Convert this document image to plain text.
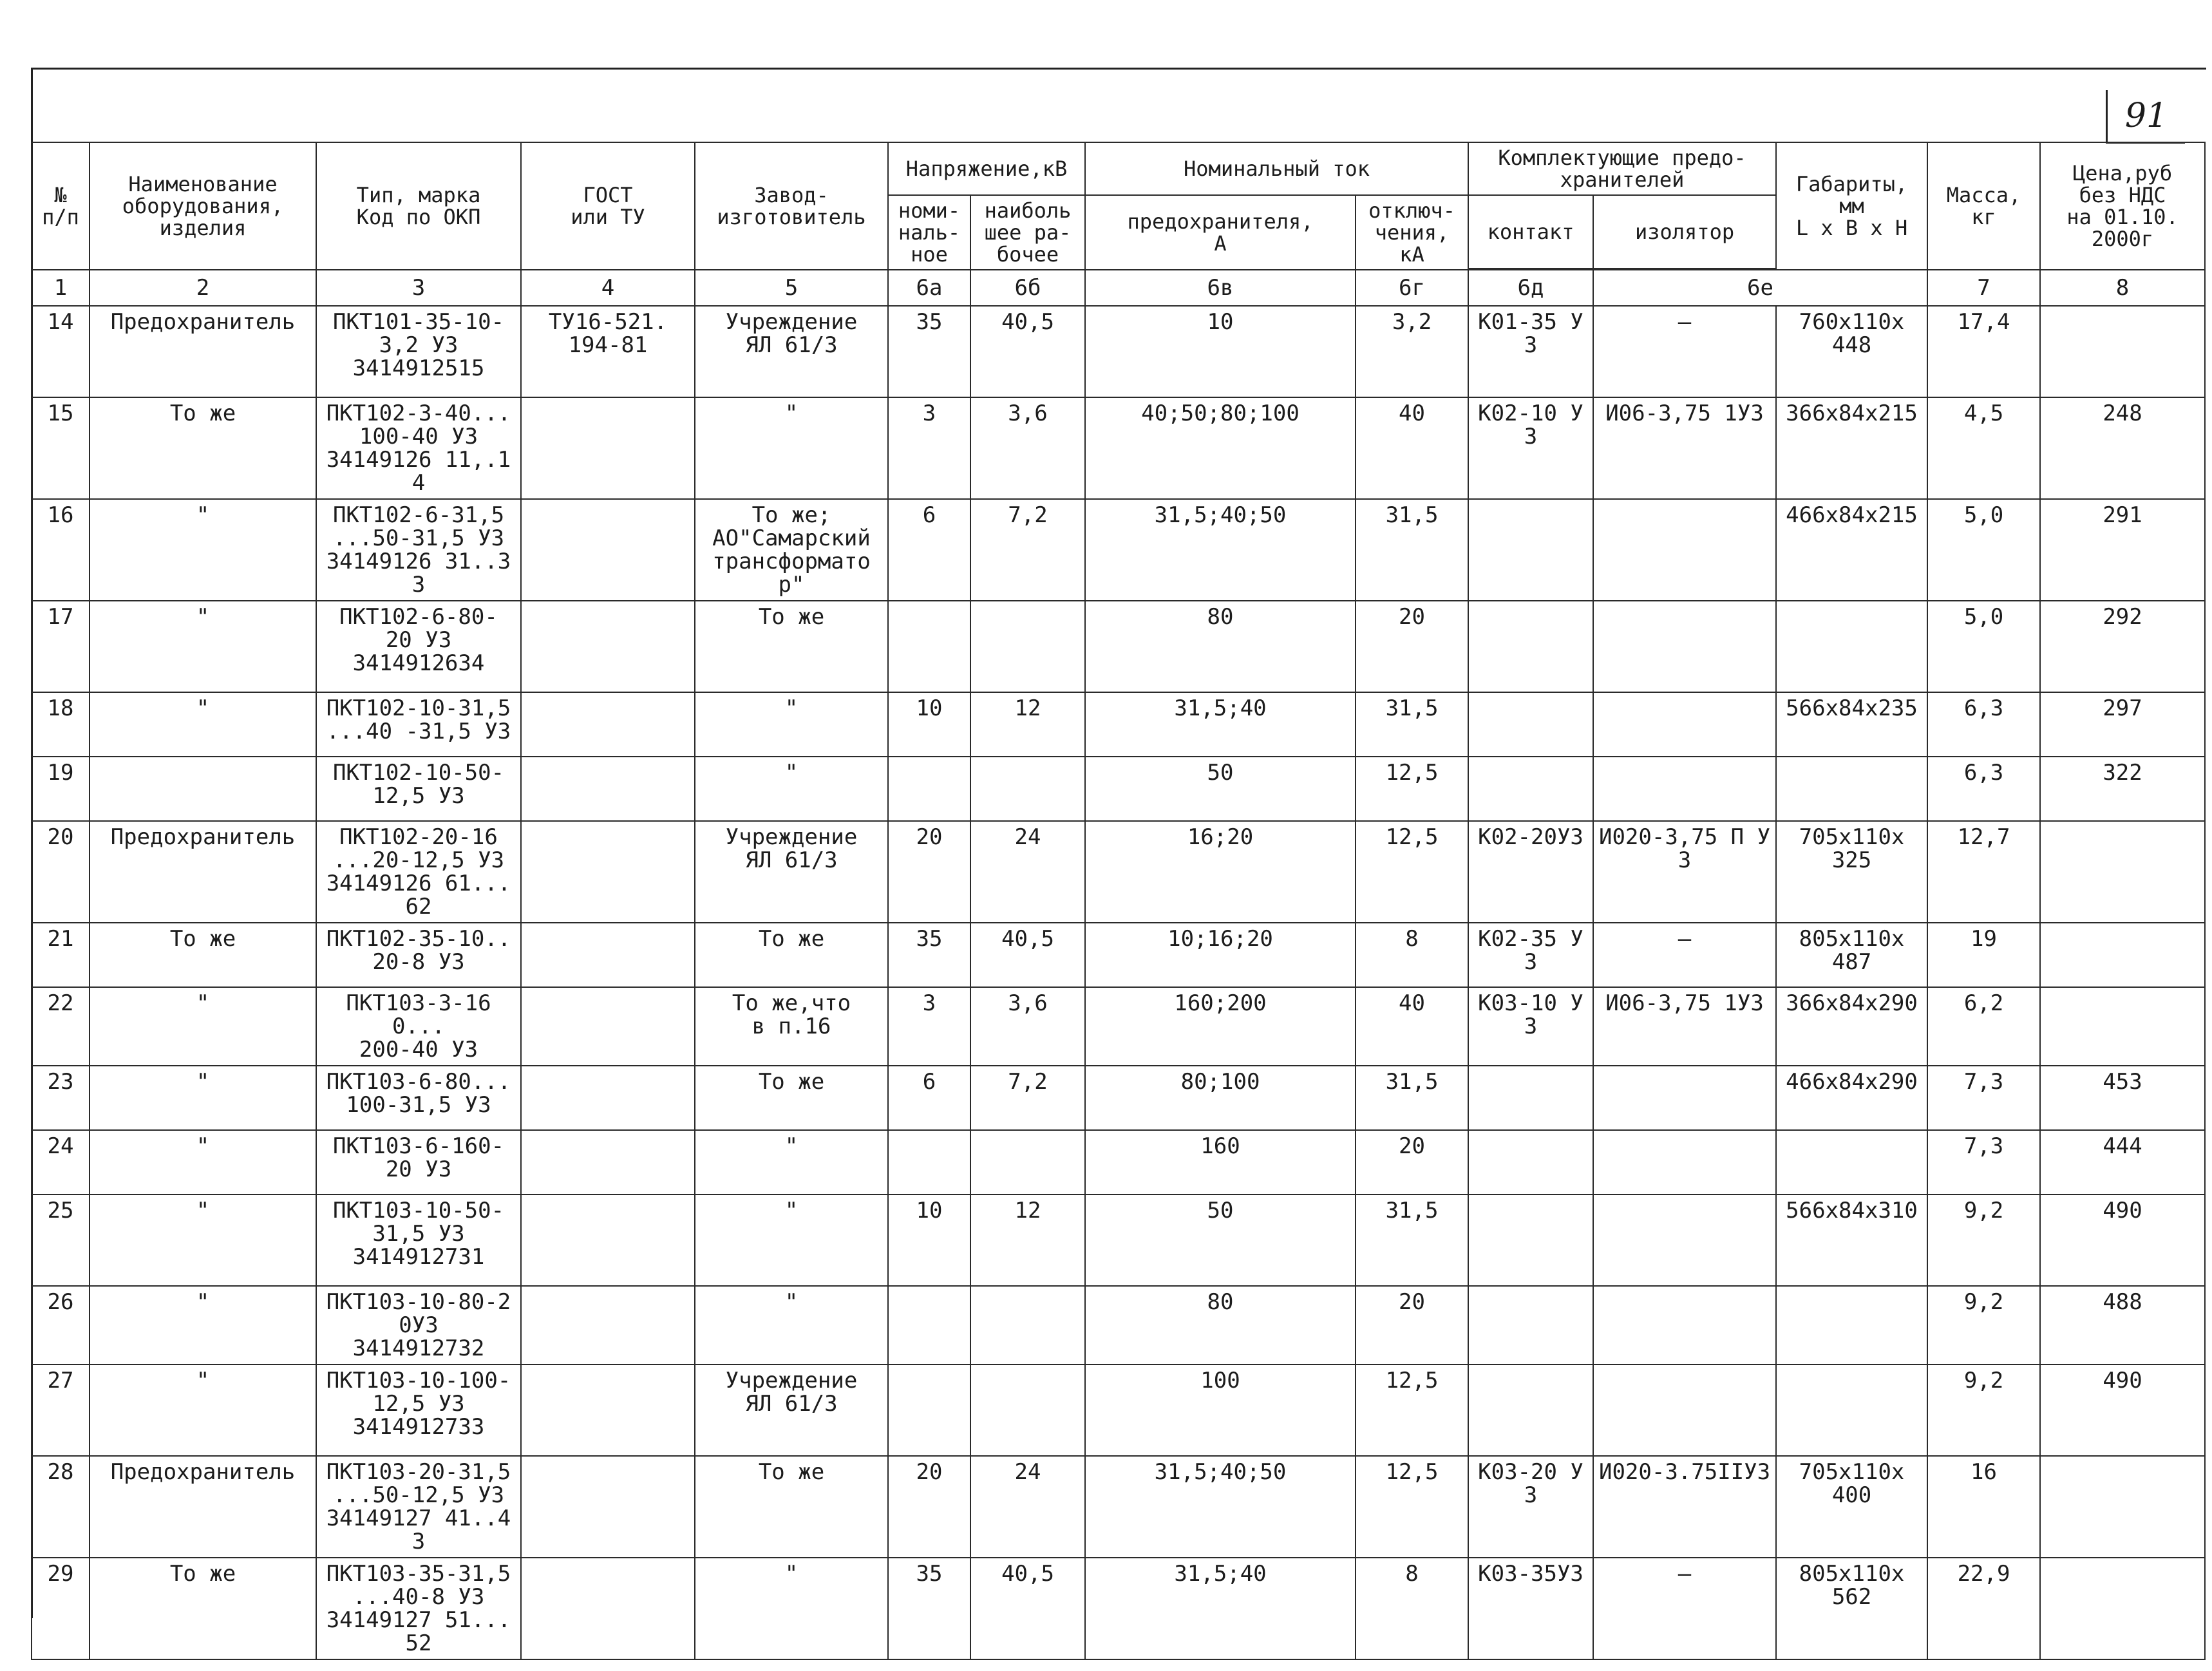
91
№
п/п	Наименование
оборудования,
изделия	Тип, марка
Код по ОКП	ГОСТ
или ТУ	Завод-
изготовитель	Напряжение,кВ		Номинальный ток		Комплектующие предо-
хранителей		Габариты,
мм
L х В х Н	Масса,
кг	Цена,руб
без НДС
на 01.10.
2000г
					номи-
наль-
ное	наиболь
шее ра-
бочее	предохранителя,
А	отключ-
чения,
кА	контакт	изолятор			

1	2	3	4	5	6а	6б	6в	6г	6д	6е		7	8
14	Предохранитель	ПКТ101-35-10-
3,2 У3
3414912515	ТУ16-521.
194-81	Учреждение
ЯЛ 61/3	35	40,5	10	3,2	К01-35 У3	–	760х110х
448	17,4	
15	То же	ПКТ102-3-40...
100-40 У3
34149126 11,.14		"	3	3,6	40;50;80;100	40	К02-10 У3	И06-3,75 1У3	366х84х215	4,5	248
16	"	ПКТ102-6-31,5
...50-31,5 У3
34149126 31..33		То же;
АО"Самарский
трансформатор"	6	7,2	31,5;40;50	31,5			466х84х215	5,0	291
17	"	ПКТ102-6-80-
20 У3
3414912634		То же			80	20				5,0	292
18	"	ПКТ102-10-31,5
...40 -31,5 У3		"	10	12	31,5;40	31,5			566х84х235	6,3	297
19		ПКТ102-10-50-
12,5 У3		"			50	12,5				6,3	322
20	Предохранитель	ПКТ102-20-16
...20-12,5 У3
34149126 61...62		Учреждение
ЯЛ 61/3	20	24	16;20	12,5	К02-20У3	И020-3,75 П У3	705х110х
325	12,7	
21	То же	ПКТ102-35-10..
20-8 У3		То же	35	40,5	10;16;20	8	К02-35 У3	–	805х110х
487	19	
22	"	ПКТ103-3-160...
200-40 У3		То же,что
в п.16	3	3,6	160;200	40	К03-10 У3	И06-3,75 1У3	366х84х290	6,2	
23	"	ПКТ103-6-80...
100-31,5 У3		То же	6	7,2	80;100	31,5			466х84х290	7,3	453
24	"	ПКТ103-6-160-
20 У3		"			160	20				7,3	444
25	"	ПКТ103-10-50-
31,5 У3
3414912731		"	10	12	50	31,5			566х84х310	9,2	490
26	"	ПКТ103-10-80-20У3
3414912732		"			80	20				9,2	488
27	"	ПКТ103-10-100-
12,5 У3
3414912733		Учреждение
ЯЛ 61/3			100	12,5				9,2	490
28	Предохранитель	ПКТ103-20-31,5
...50-12,5 У3
34149127 41..43		То же	20	24	31,5;40;50	12,5	К03-20 У3	И020-3.75IIУ3	705х110х
400	16	
29	То же	ПКТ103-35-31,5
...40-8 У3
34149127 51...52		"	35	40,5	31,5;40	8	К03-35У3	–	805х110х
562	22,9	
